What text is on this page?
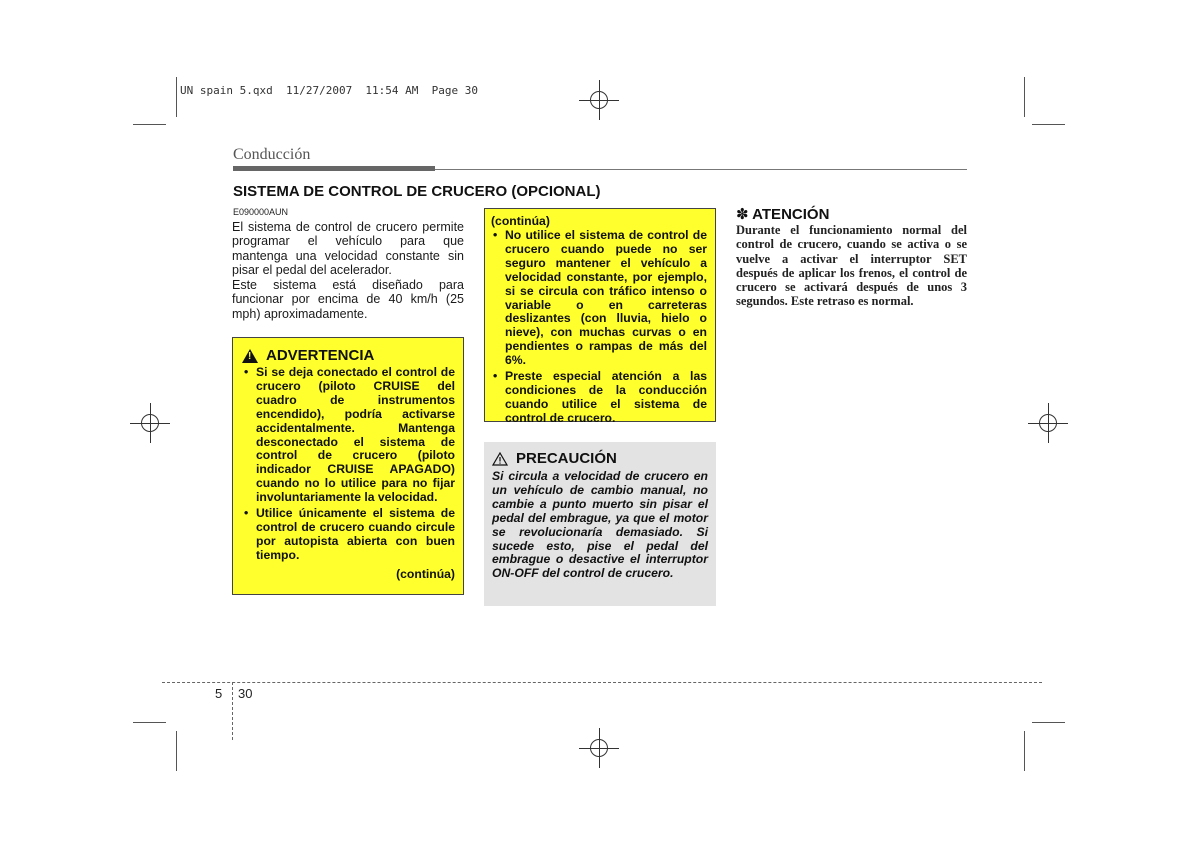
UN spain 5.qxd  11/27/2007  11:54 AM  Page 30
Conducción
SISTEMA DE CONTROL DE CRUCERO (OPCIONAL)
E090000AUN
El sistema de control de crucero permite programar el vehículo para que mantenga una velocidad constante sin pisar el pedal del acelerador.
Este sistema está diseñado para funcionar por encima de 40 km/h (25 mph) aproximadamente.
!
ADVERTENCIA
• Si se deja conectado el control de crucero (piloto CRUISE del cuadro de instrumentos encendido), podría activarse accidentalmente. Mantenga desconectado el sistema de control de crucero (piloto indicador CRUISE APAGADO) cuando no lo utilice para no fijar involuntariamente la velocidad.
• Utilice únicamente el sistema de control de crucero cuando circule por autopista abierta con buen tiempo.
(continúa)
(continúa)
• No utilice el sistema de control de crucero cuando puede no ser seguro mantener el vehículo a velocidad constante, por ejemplo, si se circula con tráfico intenso o variable o en carreteras deslizantes (con lluvia, hielo o nieve), con muchas curvas o en pendientes o rampas de más del 6%.
• Preste especial atención a las condiciones de la conducción cuando utilice el sistema de control de crucero.
PRECAUCIÓN
Si circula a velocidad de crucero en un vehículo de cambio manual, no cambie a punto muerto sin pisar el pedal del embrague, ya que el motor se revolucionaría demasiado. Si sucede esto, pise el pedal del embrague o desactive el interruptor ON-OFF del control de crucero.
✽ ATENCIÓN
Durante el funcionamiento normal del control de crucero, cuando se activa o se vuelve a activar el interruptor SET después de aplicar los frenos, el control de crucero se activará después de unos 3 segundos. Este retraso es normal.
5 30
